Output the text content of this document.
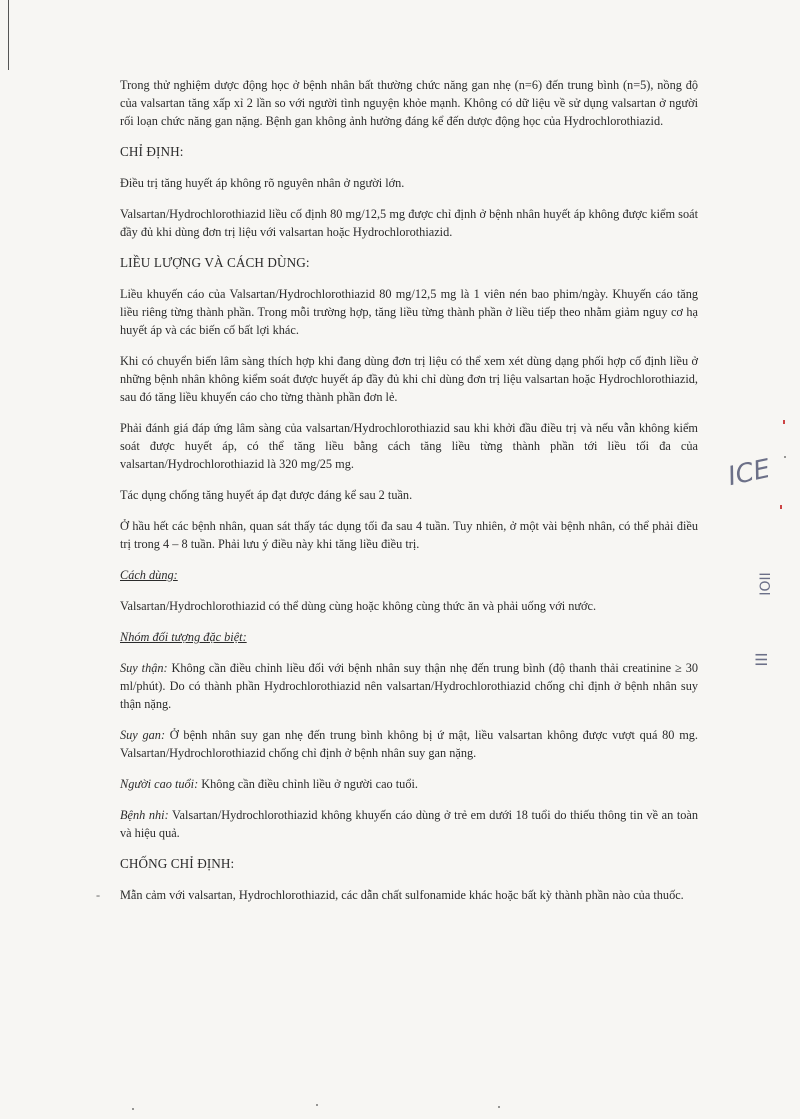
Trong thử nghiệm dược động học ở bệnh nhân bất thường chức năng gan nhẹ (n=6) đến trung bình (n=5), nồng độ của valsartan tăng xấp xỉ 2 lần so với người tình nguyện khỏe mạnh. Không có dữ liệu về sử dụng valsartan ở người rối loạn chức năng gan nặng. Bệnh gan không ảnh hưởng đáng kể đến dược động học của Hydrochlorothiazid.

CHỈ ĐỊNH:

Điều trị tăng huyết áp không rõ nguyên nhân ở người lớn.

Valsartan/Hydrochlorothiazid liều cố định 80 mg/12,5 mg được chỉ định ở bệnh nhân huyết áp không được kiểm soát đầy đủ khi dùng đơn trị liệu với valsartan hoặc Hydrochlorothiazid.

LIỀU LƯỢNG VÀ CÁCH DÙNG:

Liều khuyến cáo của Valsartan/Hydrochlorothiazid 80 mg/12,5 mg là 1 viên nén bao phim/ngày. Khuyến cáo tăng liều riêng từng thành phần. Trong mỗi trường hợp, tăng liều từng thành phần ở liều tiếp theo nhằm giảm nguy cơ hạ huyết áp và các biến cố bất lợi khác.

Khi có chuyển biến lâm sàng thích hợp khi đang dùng đơn trị liệu có thể xem xét dùng dạng phối hợp cố định liều ở những bệnh nhân không kiểm soát được huyết áp đầy đủ khi chỉ dùng đơn trị liệu valsartan hoặc Hydrochlorothiazid, sau đó tăng liều khuyến cáo cho từng thành phần đơn lẻ.

Phải đánh giá đáp ứng lâm sàng của valsartan/Hydrochlorothiazid sau khi khởi đầu điều trị và nếu vẫn không kiểm soát được huyết áp, có thể tăng liều bằng cách tăng liều từng thành phần tới liều tối đa của valsartan/Hydrochlorothiazid là 320 mg/25 mg.

Tác dụng chống tăng huyết áp đạt được đáng kể sau 2 tuần.

Ở hầu hết các bệnh nhân, quan sát thấy tác dụng tối đa sau 4 tuần. Tuy nhiên, ở một vài bệnh nhân, có thể phải điều trị trong 4 – 8 tuần. Phải lưu ý điều này khi tăng liều điều trị.

Cách dùng:

Valsartan/Hydrochlorothiazid có thể dùng cùng hoặc không cùng thức ăn và phải uống với nước.

Nhóm đối tượng đặc biệt:

Suy thận: Không cần điều chỉnh liều đối với bệnh nhân suy thận nhẹ đến trung bình (độ thanh thải creatinine ≥ 30 ml/phút). Do có thành phần Hydrochlorothiazid nên valsartan/Hydrochlorothiazid chống chỉ định ở bệnh nhân suy thận nặng.

Suy gan: Ở bệnh nhân suy gan nhẹ đến trung bình không bị ứ mật, liều valsartan không được vượt quá 80 mg. Valsartan/Hydrochlorothiazid chống chỉ định ở bệnh nhân suy gan nặng.

Người cao tuổi: Không cần điều chỉnh liều ở người cao tuổi.

Bệnh nhi: Valsartan/Hydrochlorothiazid không khuyến cáo dùng ở trẻ em dưới 18 tuổi do thiếu thông tin về an toàn và hiệu quả.

CHỐNG CHỈ ĐỊNH:
- Mẫn cảm với valsartan, Hydrochlorothiazid, các dẫn chất sulfonamide khác hoặc bất kỳ thành phần nào của thuốc.

ICE
IIOI
III
